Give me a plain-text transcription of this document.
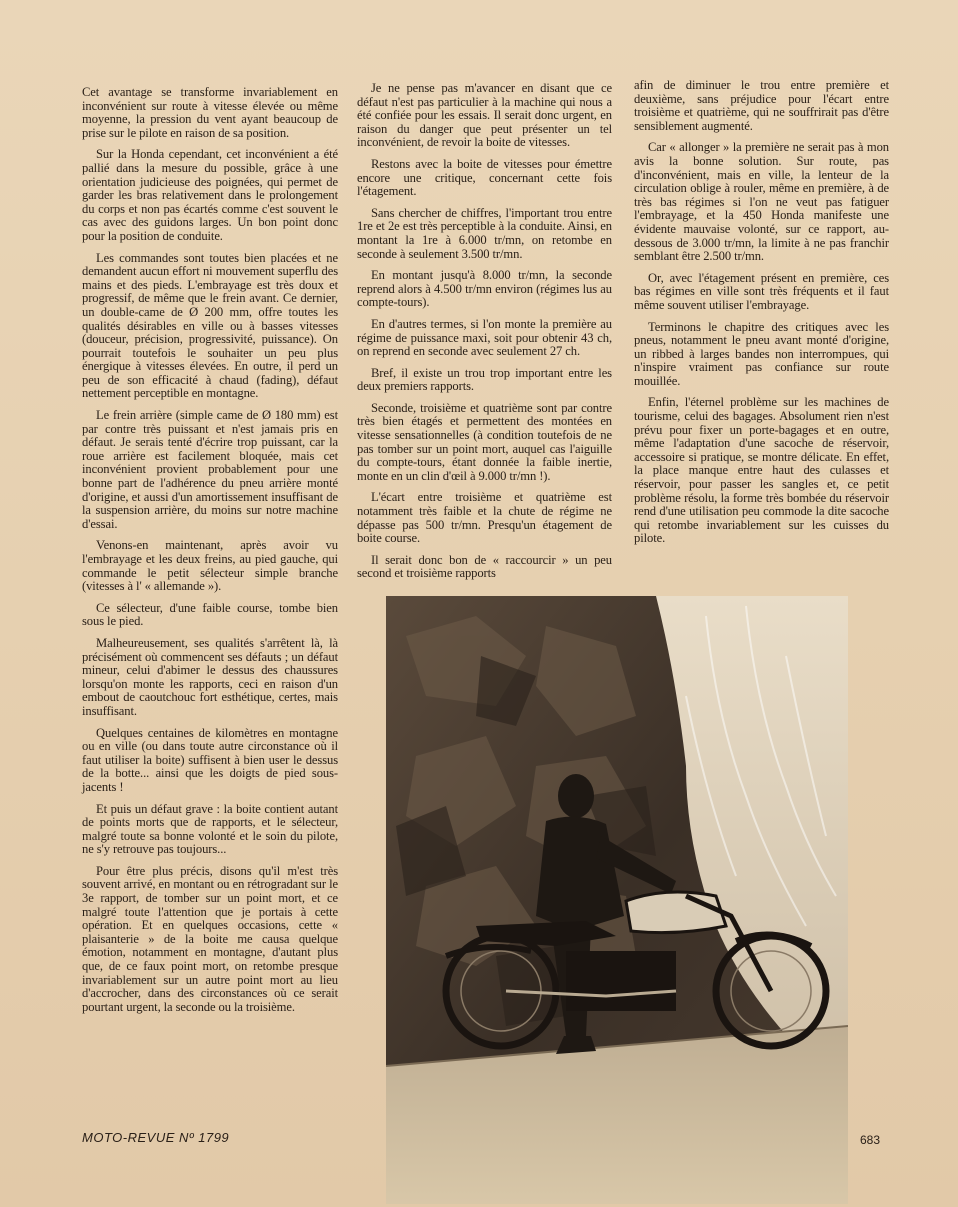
Cet avantage se transforme invariablement en inconvénient sur route à vitesse élevée ou même moyenne, la pression du vent ayant beaucoup de prise sur le pilote en raison de sa position.

Sur la Honda cependant, cet inconvénient a été pallié dans la mesure du possible, grâce à une orientation judicieuse des poignées, qui permet de garder les bras relativement dans le prolongement du corps et non pas écartés comme c'est souvent le cas avec des guidons larges. Un bon point donc pour la position de conduite.

Les commandes sont toutes bien placées et ne demandent aucun effort ni mouvement superflu des mains et des pieds. L'embrayage est très doux et progressif, de même que le frein avant. Ce dernier, un double-came de Ø 200 mm, offre toutes les qualités désirables en ville ou à basses vitesses (douceur, précision, progressivité, puissance). On pourrait toutefois le souhaiter un peu plus énergique à vitesses élevées. En outre, il perd un peu de son efficacité à chaud (fading), défaut nettement perceptible en montagne.

Le frein arrière (simple came de Ø 180 mm) est par contre très puissant et n'est jamais pris en défaut. Je serais tenté d'écrire trop puissant, car la roue arrière est facilement bloquée, mais cet inconvénient provient probablement pour une bonne part de l'adhérence du pneu arrière monté d'origine, et aussi d'un amortissement insuffisant de la suspension arrière, du moins sur notre machine d'essai.

Venons-en maintenant, après avoir vu l'embrayage et les deux freins, au pied gauche, qui commande le petit sélecteur simple branche (vitesses à l' « allemande »).

Ce sélecteur, d'une faible course, tombe bien sous le pied.

Malheureusement, ses qualités s'arrêtent là, là précisément où commencent ses défauts ; un défaut mineur, celui d'abimer le dessus des chaussures lorsqu'on monte les rapports, ceci en raison d'un embout de caoutchouc fort esthétique, certes, mais insuffisant.

Quelques centaines de kilomètres en montagne ou en ville (ou dans toute autre circonstance où il faut utiliser la boite) suffisent à bien user le dessus de la botte... ainsi que les doigts de pied sous-jacents !

Et puis un défaut grave : la boite contient autant de points morts que de rapports, et le sélecteur, malgré toute sa bonne volonté et le soin du pilote, ne s'y retrouve pas toujours...

Pour être plus précis, disons qu'il m'est très souvent arrivé, en montant ou en rétrogradant sur le 3e rapport, de tomber sur un point mort, et ce malgré toute l'attention que je portais à cette opération. Et en quelques occasions, cette « plaisanterie » de la boite me causa quelque émotion, notamment en montagne, d'autant plus que, de ce faux point mort, on retombe presque invariablement sur un autre point mort au lieu d'accrocher, dans des circonstances où ce serait pourtant urgent, la seconde ou la troisième.

Je ne pense pas m'avancer en disant que ce défaut n'est pas particulier à la machine qui nous a été confiée pour les essais. Il serait donc urgent, en raison du danger que peut présenter un tel inconvénient, de revoir la boite de vitesses.

Restons avec la boite de vitesses pour émettre encore une critique, concernant cette fois l'étagement.

Sans chercher de chiffres, l'important trou entre 1re et 2e est très perceptible à la conduite. Ainsi, en montant la 1re à 6.000 tr/mn, on retombe en seconde à seulement 3.500 tr/mn.

En montant jusqu'à 8.000 tr/mn, la seconde reprend alors à 4.500 tr/mn environ (régimes lus au compte-tours).

En d'autres termes, si l'on monte la première au régime de puissance maxi, soit pour obtenir 43 ch, on reprend en seconde avec seulement 27 ch.

Bref, il existe un trou trop important entre les deux premiers rapports.

Seconde, troisième et quatrième sont par contre très bien étagés et permettent des montées en vitesse sensationnelles (à condition toutefois de ne pas tomber sur un point mort, auquel cas l'aiguille du compte-tours, étant donnée la faible inertie, monte en un clin d'œil à 9.000 tr/mn !).

L'écart entre troisième et quatrième est notamment très faible et la chute de régime ne dépasse pas 500 tr/mn. Presqu'un étagement de boite course.

Il serait donc bon de « raccourcir » un peu second et troisième rapports

afin de diminuer le trou entre première et deuxième, sans préjudice pour l'écart entre troisième et quatrième, qui ne souffrirait pas d'être sensiblement augmenté.

Car « allonger » la première ne serait pas à mon avis la bonne solution. Sur route, pas d'inconvénient, mais en ville, la lenteur de la circulation oblige à rouler, même en première, à de très bas régimes si l'on ne veut pas fatiguer l'embrayage, et la 450 Honda manifeste une évidente mauvaise volonté, sur ce rapport, au-dessous de 3.000 tr/mn, la limite à ne pas franchir semblant être 2.500 tr/mn.

Or, avec l'étagement présent en première, ces bas régimes en ville sont très fréquents et il faut même souvent utiliser l'embrayage.

Terminons le chapitre des critiques avec les pneus, notamment le pneu avant monté d'origine, un ribbed à larges bandes non interrompues, qui n'inspire vraiment pas confiance sur route mouillée.

Enfin, l'éternel problème sur les machines de tourisme, celui des bagages. Absolument rien n'est prévu pour fixer un porte-bagages et en outre, même l'adaptation d'une sacoche de réservoir, accessoire si pratique, se montre délicate. En effet, la place manque entre haut des culasses et réservoir, pour passer les sangles et, ce petit problème résolu, la forme très bombée du réservoir rend d'une utilisation peu commode la dite sacoche qui retombe invariablement sur les cuisses du pilote.

MOTO-REVUE Nº 1799	683
